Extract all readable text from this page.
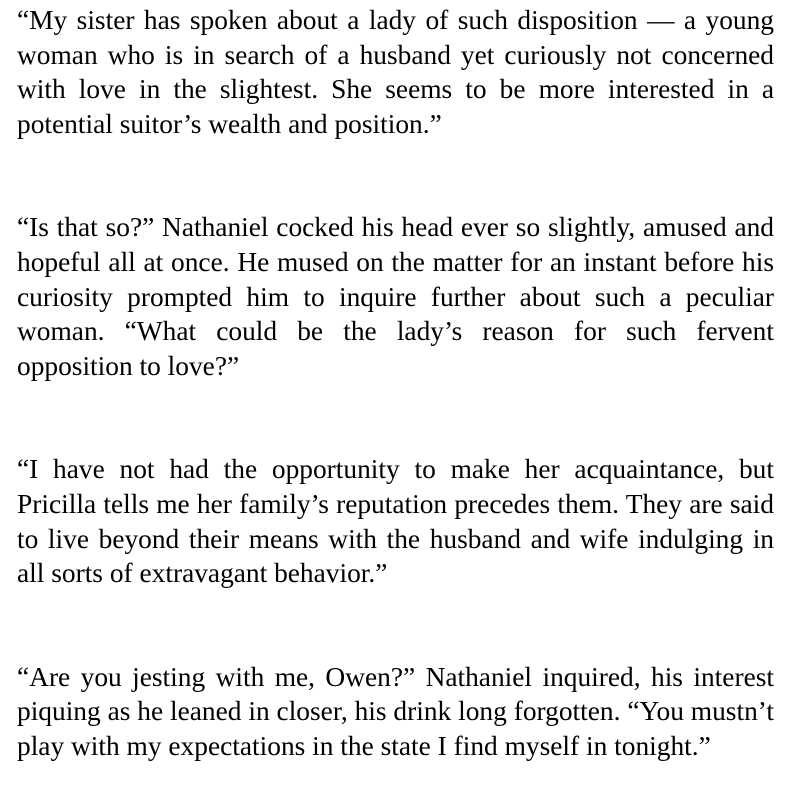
“My sister has spoken about a lady of such disposition — a young woman who is in search of a husband yet curiously not concerned with love in the slightest. She seems to be more interested in a potential suitor’s wealth and position.”

“Is that so?” Nathaniel cocked his head ever so slightly, amused and hopeful all at once. He mused on the matter for an instant before his curiosity prompted him to inquire further about such a peculiar woman. “What could be the lady’s reason for such fervent opposition to love?”

“I have not had the opportunity to make her acquaintance, but Pricilla tells me her family’s reputation precedes them. They are said to live beyond their means with the husband and wife indulging in all sorts of extravagant behavior.”

“Are you jesting with me, Owen?” Nathaniel inquired, his interest piquing as he leaned in closer, his drink long forgotten. “You mustn’t play with my expectations in the state I find myself in tonight.”
